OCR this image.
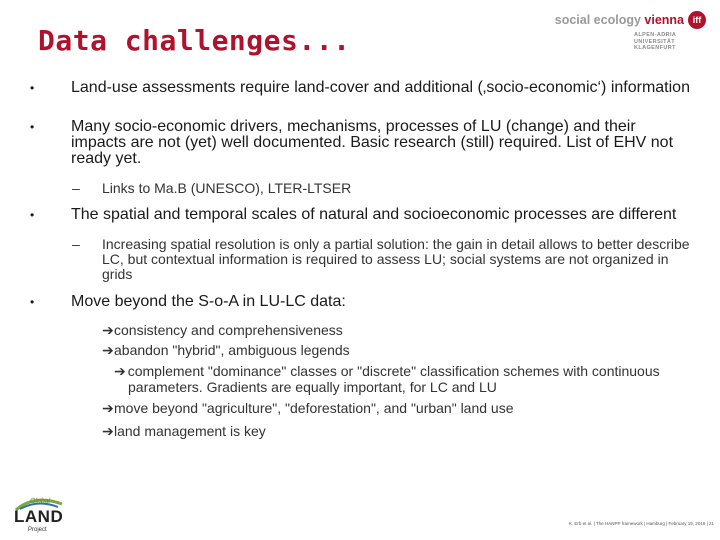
Data challenges...
social ecology vienna iff
ALPEN-ADRIA
UNIVERSITÄT
KLAGENFURT
• Land-use assessments require land-cover and additional (‚socio-economic‘) information
• Many socio-economic drivers, mechanisms, processes of LU (change) and their impacts are not (yet) well documented. Basic research (still) required. List of EHV not ready yet.
– Links to Ma.B (UNESCO), LTER-LTSER
• The spatial and temporal scales of natural and socioeconomic processes are different
– Increasing spatial resolution is only a partial solution: the gain in detail allows to better describe LC, but contextual information is required to assess LU; social systems are not organized in grids
• Move beyond the S-o-A in LU-LC data:
➔ consistency and comprehensiveness
➔ abandon "hybrid", ambiguous legends
➔ complement "dominance" classes or "discrete" classification schemes with continuous parameters. Gradients are equally important, for LC and LU
➔ move beyond "agriculture", "deforestation", and "urban" land use
➔ land management is key
Global
LAND
Project
K. Erb et al. | The HANPP framework | Hamburg | February 15, 2016 | 21
